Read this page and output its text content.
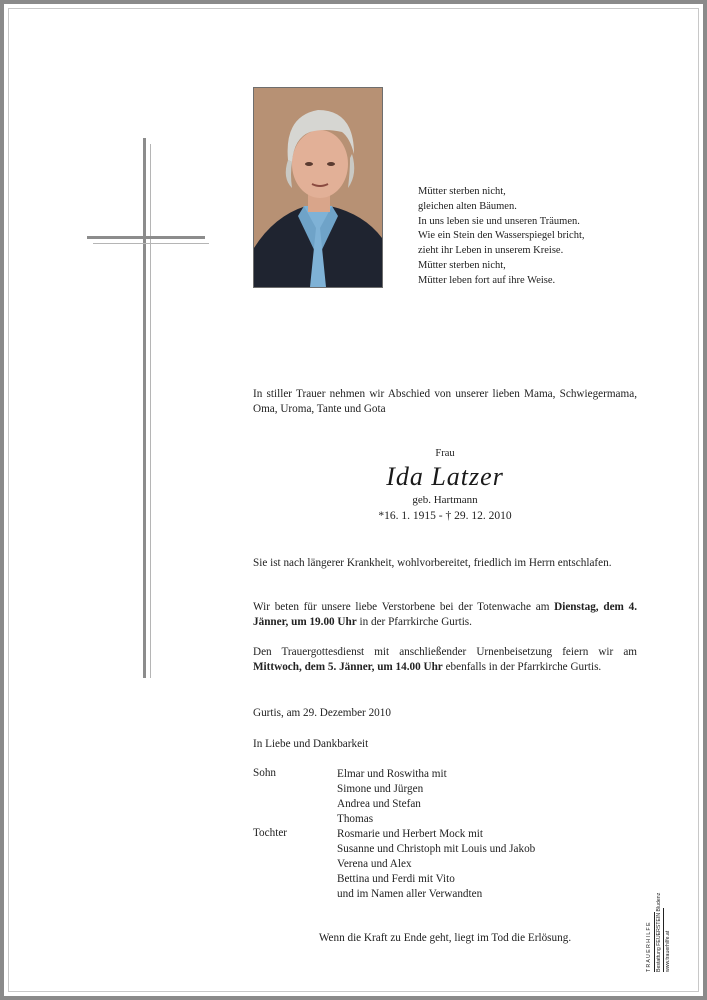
Mütter sterben nicht,
gleichen alten Bäumen.
In uns leben sie und unseren Träumen.
Wie ein Stein den Wasserspiegel bricht,
zieht ihr Leben in unserem Kreise.
Mütter sterben nicht,
Mütter leben fort auf ihre Weise.
In stiller Trauer nehmen wir Abschied von unserer lieben Mama, Schwiegermama, Oma, Uroma, Tante und Gota
Frau
Ida Latzer
geb. Hartmann
*16. 1. 1915 - † 29. 12. 2010
Sie ist nach längerer Krankheit, wohlvorbereitet, friedlich im Herrn entschlafen.
Wir beten für unsere liebe Verstorbene bei der Totenwache am Dienstag, dem 4. Jänner, um 19.00 Uhr in der Pfarrkirche Gurtis.
Den Trauergottesdienst mit anschließender Urnenbeisetzung feiern wir am Mittwoch, dem 5. Jänner, um 14.00 Uhr ebenfalls in der Pfarrkirche Gurtis.
Gurtis, am 29. Dezember 2010
In Liebe und Dankbarkeit
Sohn	Elmar und Roswitha mit
Simone und Jürgen
Andrea und Stefan
Thomas
Tochter	Rosmarie und Herbert Mock mit
Susanne und Christoph mit Louis und Jakob
Verena und Alex
Bettina und Ferdi mit Vito
und im Namen aller Verwandten
Wenn die Kraft zu Ende geht, liegt im Tod die Erlösung.	T R A U E R H I L F E Bestattung FEUERSTEIN Bludenz www.trauerhilfe.at
